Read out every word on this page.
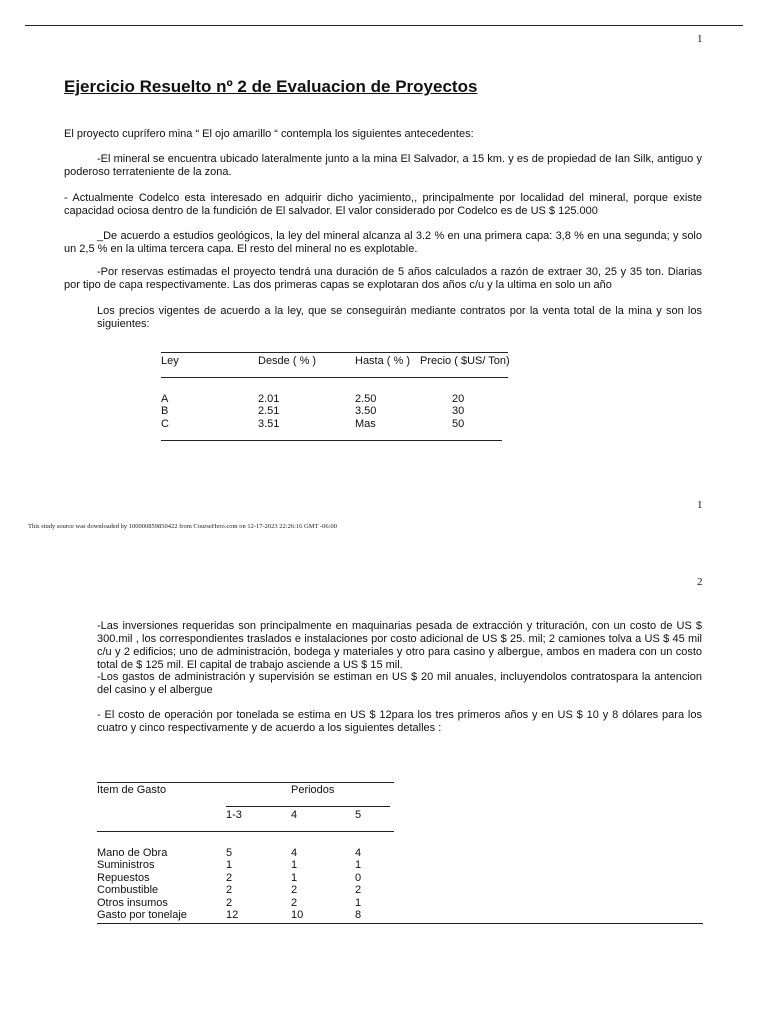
1
Ejercicio Resuelto nº 2 de Evaluacion de Proyectos
El proyecto cuprífero mina “ El ojo amarillo “ contempla los siguientes antecedentes:
-El mineral se encuentra ubicado lateralmente junto a la mina El Salvador, a 15 km. y es de propiedad de Ian Silk, antiguo y poderoso terrateniente de la zona.
- Actualmente Codelco esta interesado en adquirir dicho yacimiento,, principalmente por localidad del mineral, porque existe capacidad ociosa dentro de la fundición de El salvador. El valor considerado por Codelco es de US $ 125.000
_De acuerdo a estudios geológicos, la ley del mineral alcanza al 3.2 % en una primera capa: 3,8 % en una segunda; y solo un 2,5 % en la ultima tercera capa. El resto del mineral no es explotable.
-Por reservas estimadas el proyecto tendrá una duración de 5 años calculados a razón de extraer 30, 25 y 35 ton. Diarias por tipo de capa respectivamente. Las dos primeras capas se explotaran dos años c/u y la ultima en solo un año
Los precios vigentes de acuerdo a la ley, que se conseguirán mediante contratos por la venta total de la mina y son los siguientes:
Ley	Desde ( % )	Hasta ( % ) Precio ( $US/ Ton)
A	2.01	2.50	20
B	2.51	3.50	30
C	3.51	Mas	50
1
This study source was downloaded by 100000859850422 from CourseHero.com on 12-17-2023 22:26:16 GMT -06:00
2
-Las inversiones requeridas son principalmente en maquinarias pesada de extracción y trituración, con un costo de US $ 300.mil , los correspondientes traslados e instalaciones por costo adicional de US $ 25. mil; 2 camiones tolva a US $ 45 mil c/u y 2 edificios; uno de administración, bodega y materiales y otro para casino y albergue, ambos en madera con un costo total de $ 125 mil. El capital de trabajo asciende a US $ 15 mil.
-Los gastos de administración y supervisión se estiman en US $ 20 mil anuales, incluyendolos contratospara la antencion del casino y el albergue
- El costo de operación por tonelada se estima en US $ 12para los tres primeros años y en US $ 10 y 8 dólares para los cuatro y cinco respectivamente y de acuerdo a los siguientes detalles :
Item de Gasto	Periodos
1-3	4	5
Mano de Obra	5	4	4
Suministros	1	1	1
Repuestos	2	1	0
Combustible	2	2	2
Otros insumos	2	2	1
Gasto por tonelaje	12	10	8
